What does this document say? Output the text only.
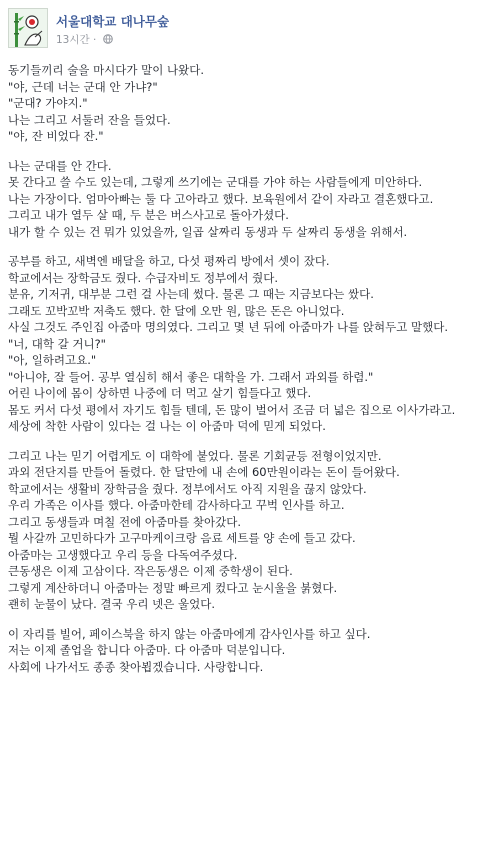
서울대학교 대나무숲
13시간 ·

동기들끼리 술을 마시다가 말이 나왔다.
"야, 근데 너는 군대 안 가냐?"
"군대? 가야지."
나는 그리고 서둘러 잔을 들었다.
"야, 잔 비었다 잔."

나는 군대를 안 간다.
못 간다고 쓸 수도 있는데, 그렇게 쓰기에는 군대를 가야 하는 사람들에게 미안하다.
나는 가장이다. 엄마아빠는 둘 다 고아라고 했다. 보육원에서 같이 자라고 결혼했다고.
그리고 내가 열두 살 때, 두 분은 버스사고로 돌아가셨다.
내가 할 수 있는 건 뭐가 있었을까, 일곱 살짜리 동생과 두 살짜리 동생을 위해서.

공부를 하고, 새벽엔 배달을 하고, 다섯 평짜리 방에서 셋이 잤다.
학교에서는 장학금도 줬다. 수급자비도 정부에서 줬다.
분유, 기저귀, 대부분 그런 걸 사는데 썼다. 물론 그 때는 지금보다는 쌌다.
그래도 꼬박꼬박 저축도 했다. 한 달에 오만 원, 많은 돈은 아니었다.
사실 그것도 주인집 아줌마 명의였다. 그리고 몇 년 뒤에 아줌마가 나를 앉혀두고 말했다.
"너, 대학 갈 거니?"
"아, 일하려고요."
"아니야, 잘 들어. 공부 열심히 해서 좋은 대학을 가. 그래서 과외를 하렴."
어린 나이에 몸이 상하면 나중에 더 먹고 살기 힘들다고 했다.
몸도 커서 다섯 평에서 자기도 힘들 텐데, 돈 많이 벌어서 조금 더 넓은 집으로 이사가라고.
세상에 착한 사람이 있다는 걸 나는 이 아줌마 덕에 믿게 되었다.

그리고 나는 믿기 어렵게도 이 대학에 붙었다. 물론 기회균등 전형이었지만.
과외 전단지를 만들어 돌렸다. 한 달만에 내 손에 60만원이라는 돈이 들어왔다.
학교에서는 생활비 장학금을 줬다. 정부에서도 아직 지원을 끊지 않았다.
우리 가족은 이사를 했다. 아줌마한테 감사하다고 꾸벅 인사를 하고.
그리고 동생들과 며칠 전에 아줌마를 찾아갔다.
뭘 사갈까 고민하다가 고구마케이크랑 음료 세트를 양 손에 들고 갔다.
아줌마는 고생했다고 우리 등을 다독여주셨다.
큰동생은 이제 고삼이다. 작은동생은 이제 중학생이 된다.
그렇게 계산하더니 아줌마는 정말 빠르게 컸다고 눈시울을 붉혔다.
괜히 눈물이 났다. 결국 우리 넷은 울었다.

이 자리를 빌어, 페이스북을 하지 않는 아줌마에게 감사인사를 하고 싶다.
저는 이제 졸업을 합니다 아줌마. 다 아줌마 덕분입니다.
사회에 나가서도 종종 찾아뵙겠습니다. 사랑합니다.
